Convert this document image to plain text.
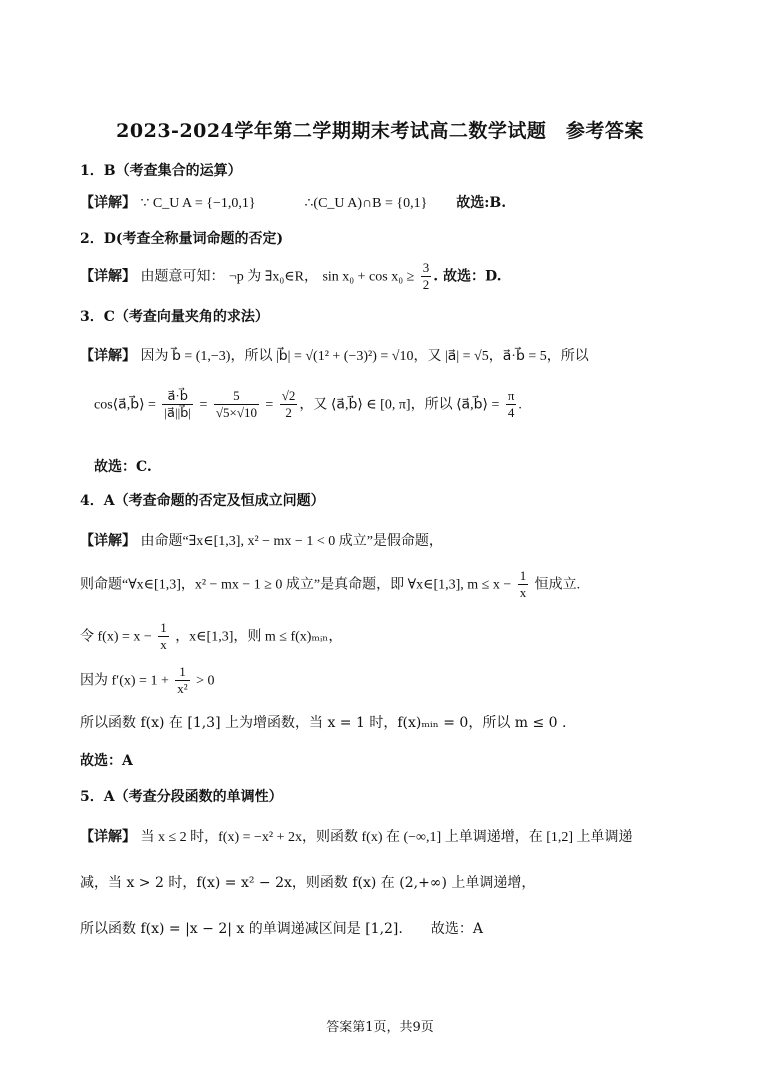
2023-2024学年第二学期期末考试高二数学试题　参考答案
1．B（考查集合的运算）
【详解】 ∵ C_U A = {−1,0,1}	∴(C_U A)∩B = {0,1} 故选:B.
2．D(考查全称量词命题的否定)
【详解】 由题意可知： ¬p 为 ∃x₀∈R， $\sin x_0 + \cos x_0 \ge \frac{3}{2}$ . 故选：D.
3．C（考查向量夹角的求法）
【详解】 因为 b⃗ = (1,−3)，所以 |b⃗| = √(1² + (−3)²) = √10，又 |a⃗| = √5，a⃗·b⃗ = 5，所以
cos⟨a⃗,b⃗⟩ = $\frac{a⃗\cdot b⃗}{|a⃗||b⃗|} = \frac{5}{√5\times√10} = \frac{√2}{2}$ ，又 ⟨a⃗,b⃗⟩ ∈ [0, π]，所以 ⟨a⃗,b⃗⟩ = $\frac{\pi}{4}$ .
故选：C.
4．A（考查命题的否定及恒成立问题）
【详解】 由命题“∃x∈[1,3], x² − mx − 1 < 0 成立”是假命题，
则命题“∀x∈[1,3]，x² − mx − 1 ≥ 0 成立”是真命题，即 ∀x∈[1,3], $m \le x - \frac{1}{x}$ 恒成立.
令 $f(x) = x - \frac{1}{x}$ ，x∈[1,3]，则 m ≤ f(x)ₘᵢₙ，
因为 $f'(x) = 1 + \frac{1}{\text{x²}} > 0$
所以函数 f(x) 在 [1,3] 上为增函数，当 x = 1 时，f(x)ₘᵢₙ = 0，所以 m ≤ 0 .
故选：A
5．A（考查分段函数的单调性）
【详解】 当 x ≤ 2 时，f(x) = −x² + 2x，则函数 f(x) 在 (−∞,1] 上单调递增，在 [1,2] 上单调递
减，当 x > 2 时，f(x) = x² − 2x，则函数 f(x) 在 (2,+∞) 上单调递增，
所以函数 f(x) = |x − 2| x 的单调递减区间是 [1,2].　　故选：A
答案第1页，共9页
